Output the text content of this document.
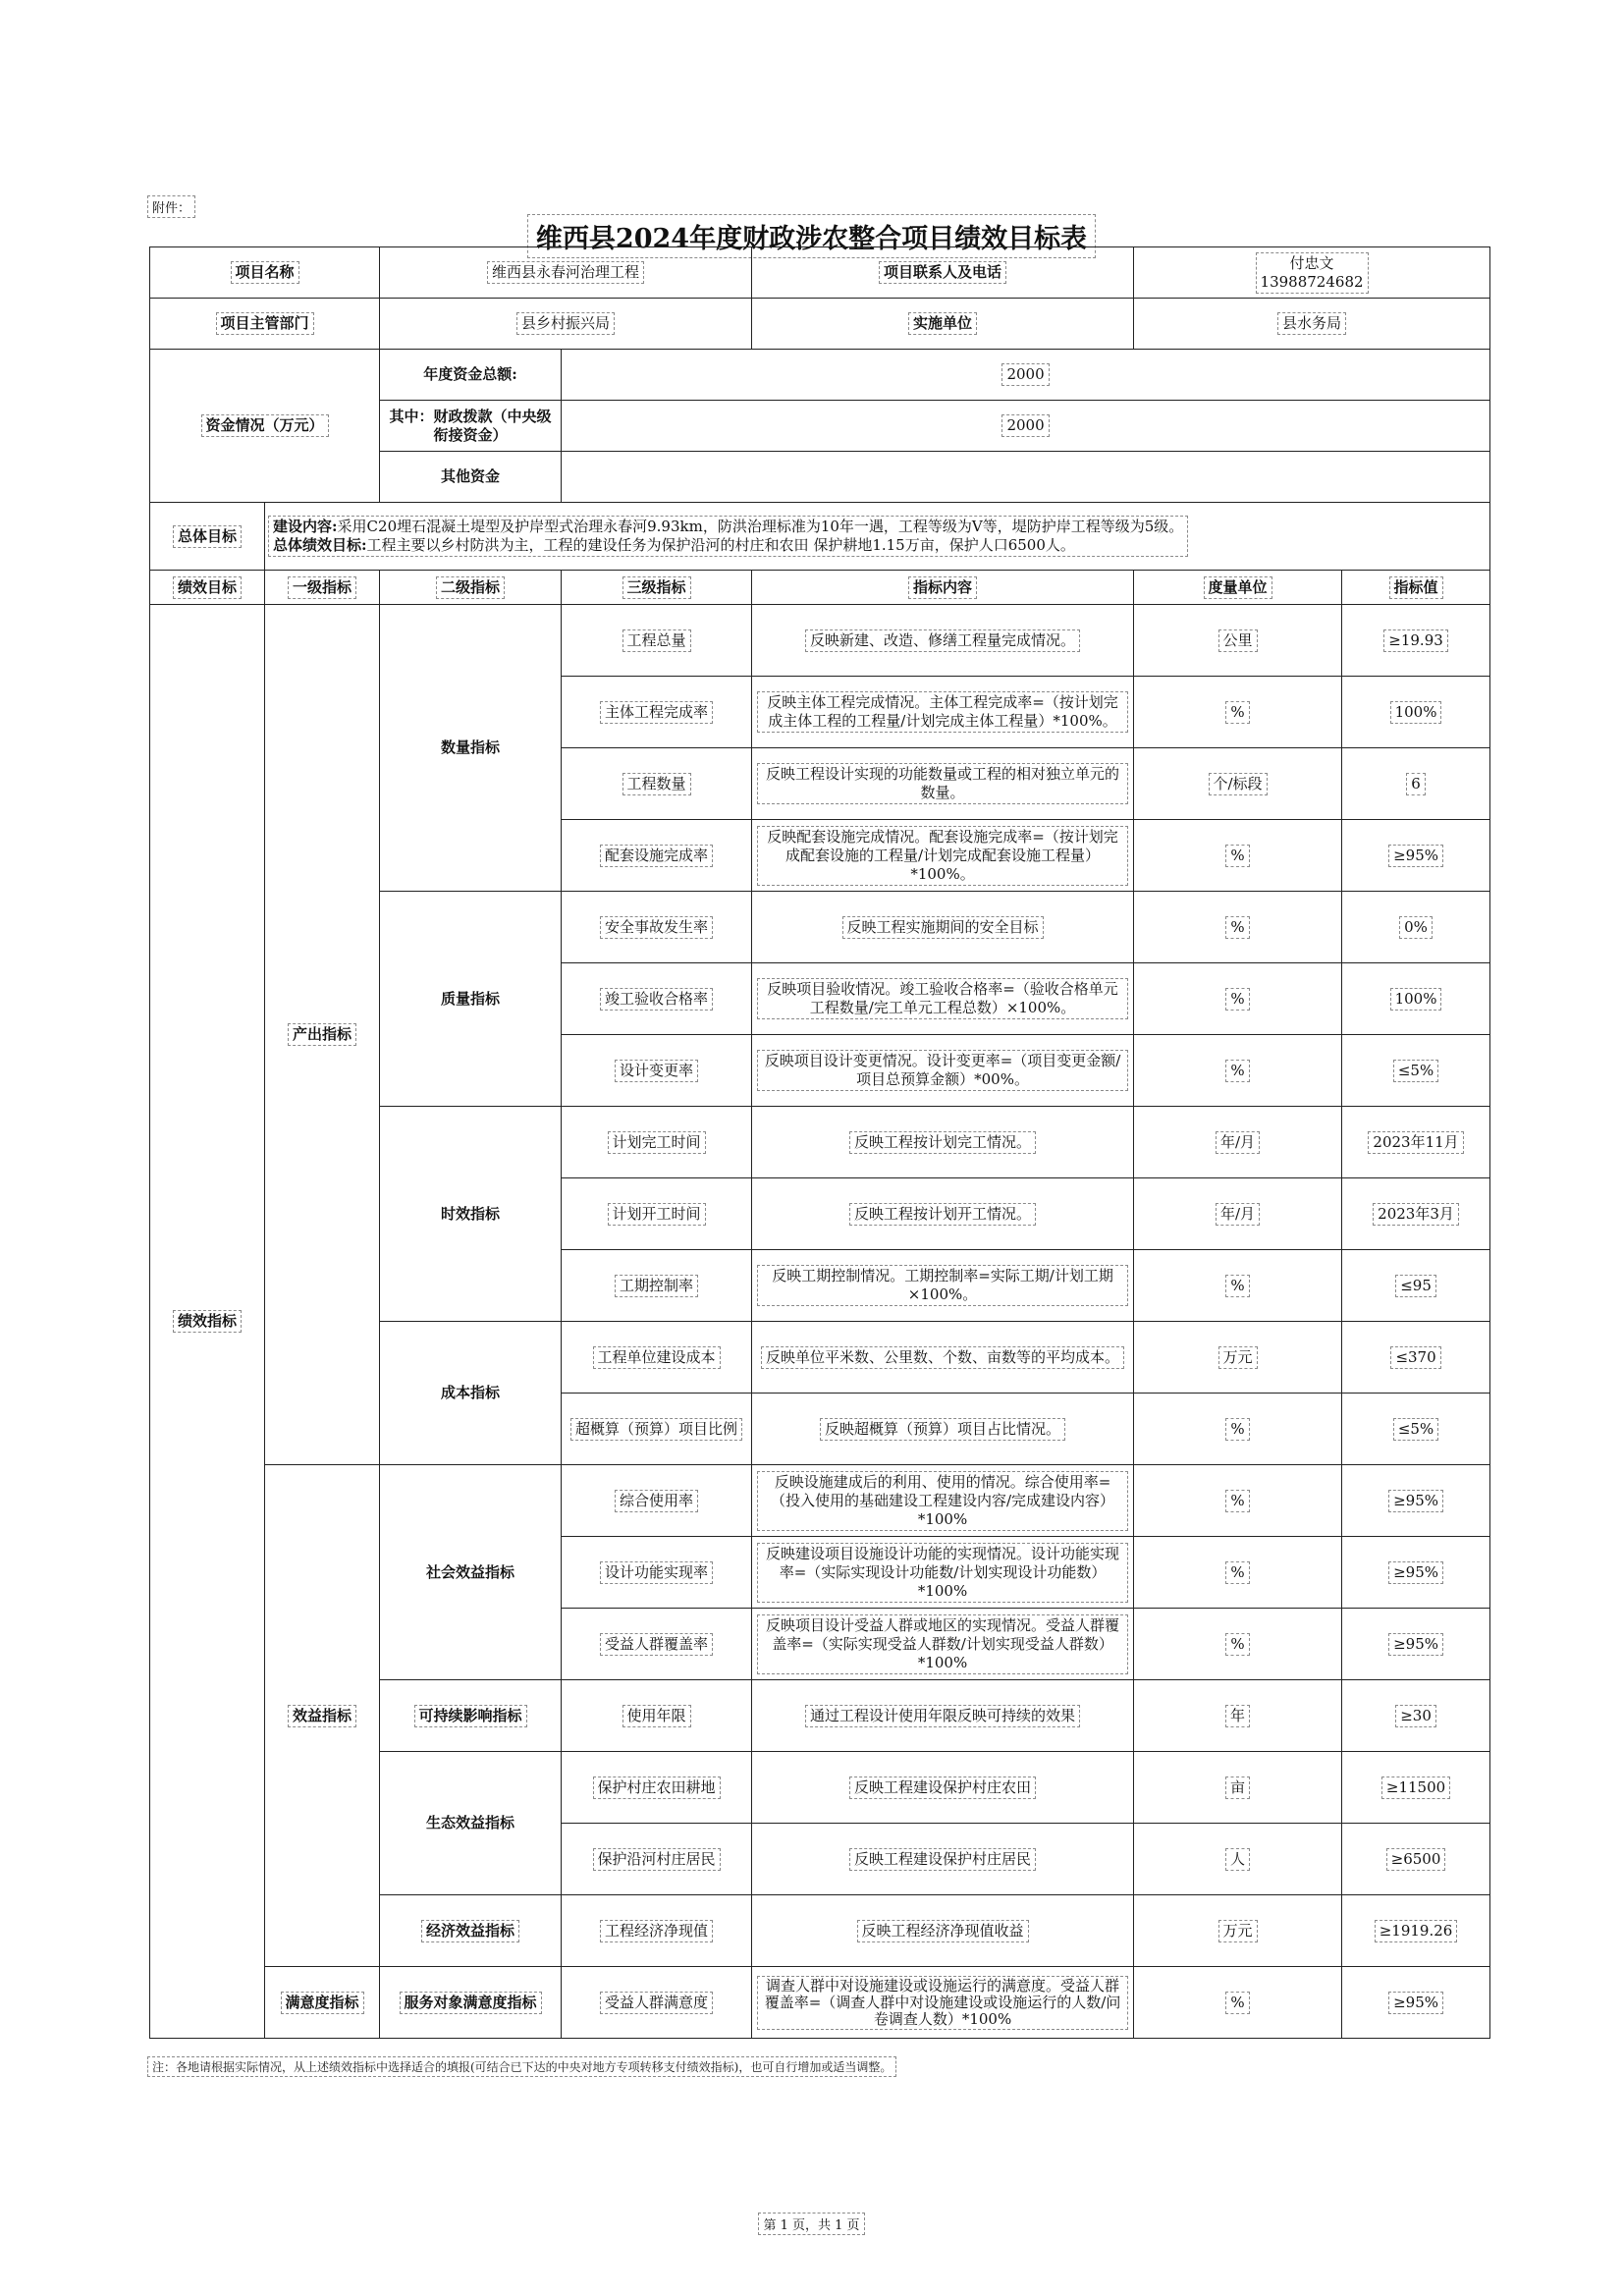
附件：
维西县2024年度财政涉农整合项目绩效目标表
项目名称		维西县永春河治理工程		项目联系人及电话	付忠文
13988724682	
项目主管部门		县乡村振兴局		实施单位	县水务局	
资金情况（万元）		年度资金总额:	2000			
		其中：财政拨款（中央级衔接资金）	2000			
		其他资金				
总体目标	建设内容:采用C20埋石混凝土堤型及护岸型式治理永春河9.93km，防洪治理标准为10年一遇，工程等级为Ⅴ等，堤防护岸工程等级为5级。
总体绩效目标:工程主要以乡村防洪为主，工程的建设任务为保护沿河的村庄和农田 保护耕地1.15万亩，保护人口6500人。					

绩效目标	一级指标	二级指标	三级指标	指标内容	度量单位	指标值
绩效指标	产出指标	数量指标	工程总量	反映新建、改造、修缮工程量完成情况。	公里	≥19.93
			主体工程完成率	反映主体工程完成情况。主体工程完成率=（按计划完成主体工程的工程量/计划完成主体工程量）*100%。	%	100%
			工程数量	反映工程设计实现的功能数量或工程的相对独立单元的数量。	个/标段	6
			配套设施完成率	反映配套设施完成情况。配套设施完成率=（按计划完成配套设施的工程量/计划完成配套设施工程量）*100%。	%	≥95%
		质量指标	安全事故发生率	反映工程实施期间的安全目标	%	0%
			竣工验收合格率	反映项目验收情况。竣工验收合格率=（验收合格单元工程数量/完工单元工程总数）×100%。	%	100%
			设计变更率	反映项目设计变更情况。设计变更率=（项目变更金额/项目总预算金额）*00%。	%	≤5%
		时效指标	计划完工时间	反映工程按计划完工情况。	年/月	2023年11月
			计划开工时间	反映工程按计划开工情况。	年/月	2023年3月
			工期控制率	反映工期控制情况。工期控制率=实际工期/计划工期×100%。	%	≤95
		成本指标	工程单位建设成本	反映单位平米数、公里数、个数、亩数等的平均成本。	万元	≤370
			超概算（预算）项目比例	反映超概算（预算）项目占比情况。	%	≤5%
	效益指标	社会效益指标	综合使用率	反映设施建成后的利用、使用的情况。综合使用率=（投入使用的基础建设工程建设内容/完成建设内容）*100%	%	≥95%
			设计功能实现率	反映建设项目设施设计功能的实现情况。设计功能实现率=（实际实现设计功能数/计划实现设计功能数）*100%	%	≥95%
			受益人群覆盖率	反映项目设计受益人群或地区的实现情况。受益人群覆盖率=（实际实现受益人群数/计划实现受益人群数）*100%	%	≥95%
		可持续影响指标	使用年限	通过工程设计使用年限反映可持续的效果	年	≥30
		生态效益指标	保护村庄农田耕地	反映工程建设保护村庄农田	亩	≥11500
			保护沿河村庄居民	反映工程建设保护村庄居民	人	≥6500
		经济效益指标	工程经济净现值	反映工程经济净现值收益	万元	≥1919.26
	满意度指标	服务对象满意度指标	受益人群满意度	调查人群中对设施建设或设施运行的满意度。受益人群覆盖率=（调查人群中对设施建设或设施运行的人数/问卷调查人数）*100%	%	≥95%
注：各地请根据实际情况，从上述绩效指标中选择适合的填报(可结合已下达的中央对地方专项转移支付绩效指标)，也可自行增加或适当调整。
第 1 页，共 1 页
